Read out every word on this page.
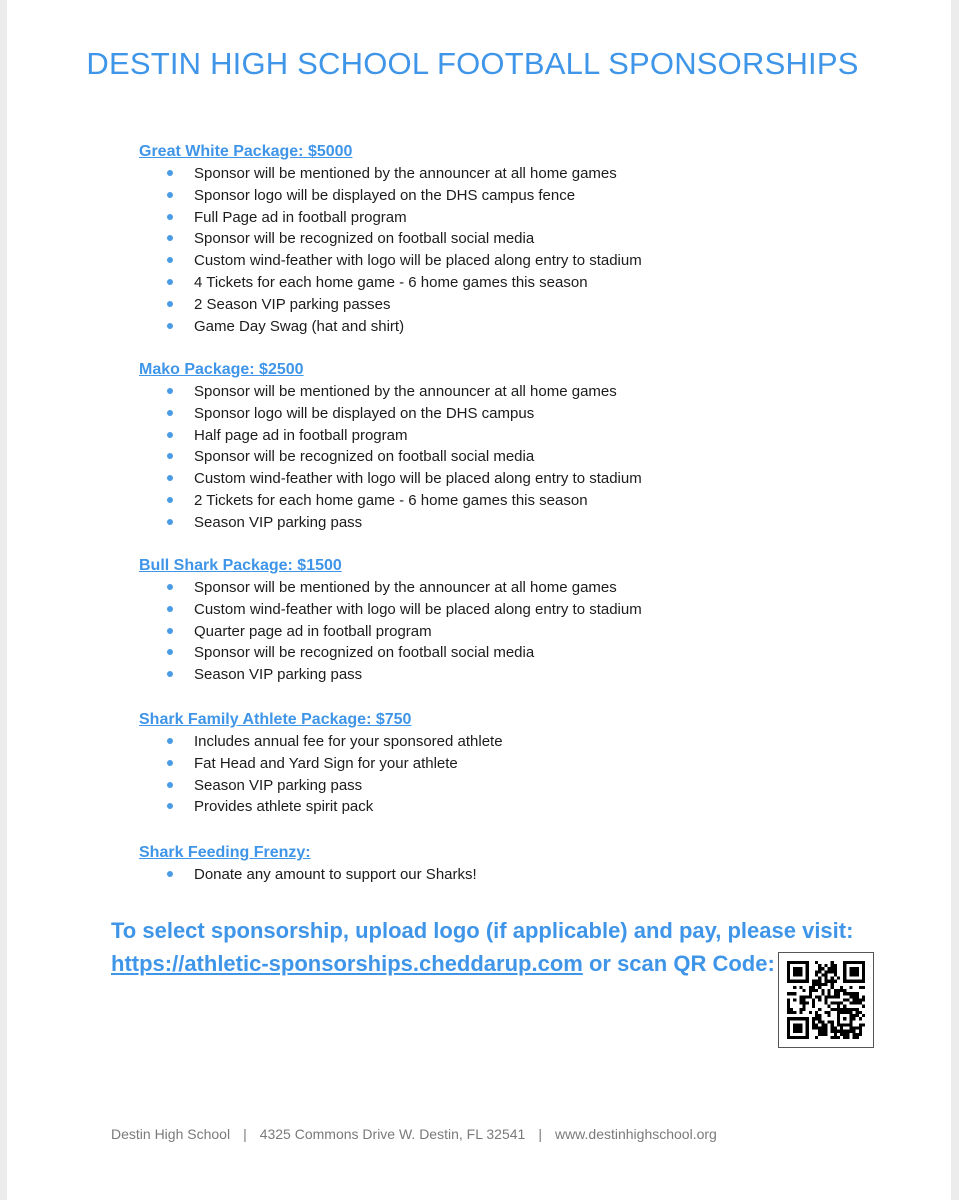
DESTIN HIGH SCHOOL FOOTBALL SPONSORSHIPS
Great White Package: $5000
Sponsor will be mentioned by the announcer at all home games
Sponsor logo will be displayed on the DHS campus fence
Full Page ad in football program
Sponsor will be recognized on football social media
Custom wind-feather with logo will be placed along entry to stadium
4 Tickets for each home game - 6 home games this season
2 Season VIP parking passes
Game Day Swag (hat and shirt)
Mako Package: $2500
Sponsor will be mentioned by the announcer at all home games
Sponsor logo will be displayed on the DHS campus
Half page ad in football program
Sponsor will be recognized on football social media
Custom wind-feather with logo will be placed along entry to stadium
2 Tickets for each home game - 6 home games this season
Season VIP parking pass
Bull Shark Package: $1500
Sponsor will be mentioned by the announcer at all home games
Custom wind-feather with logo will be placed along entry to stadium
Quarter page ad in football program
Sponsor will be recognized on football social media
Season VIP parking pass
Shark Family Athlete Package: $750
Includes annual fee for your sponsored athlete
Fat Head and Yard Sign for your athlete
Season VIP parking pass
Provides athlete spirit pack
Shark Feeding Frenzy:
Donate any amount to support our Sharks!
To select sponsorship, upload logo (if applicable) and pay, please visit:
https://athletic-sponsorships.cheddarup.com or scan QR Code:
Destin High School | 4325 Commons Drive W. Destin, FL 32541 | www.destinhighschool.org
